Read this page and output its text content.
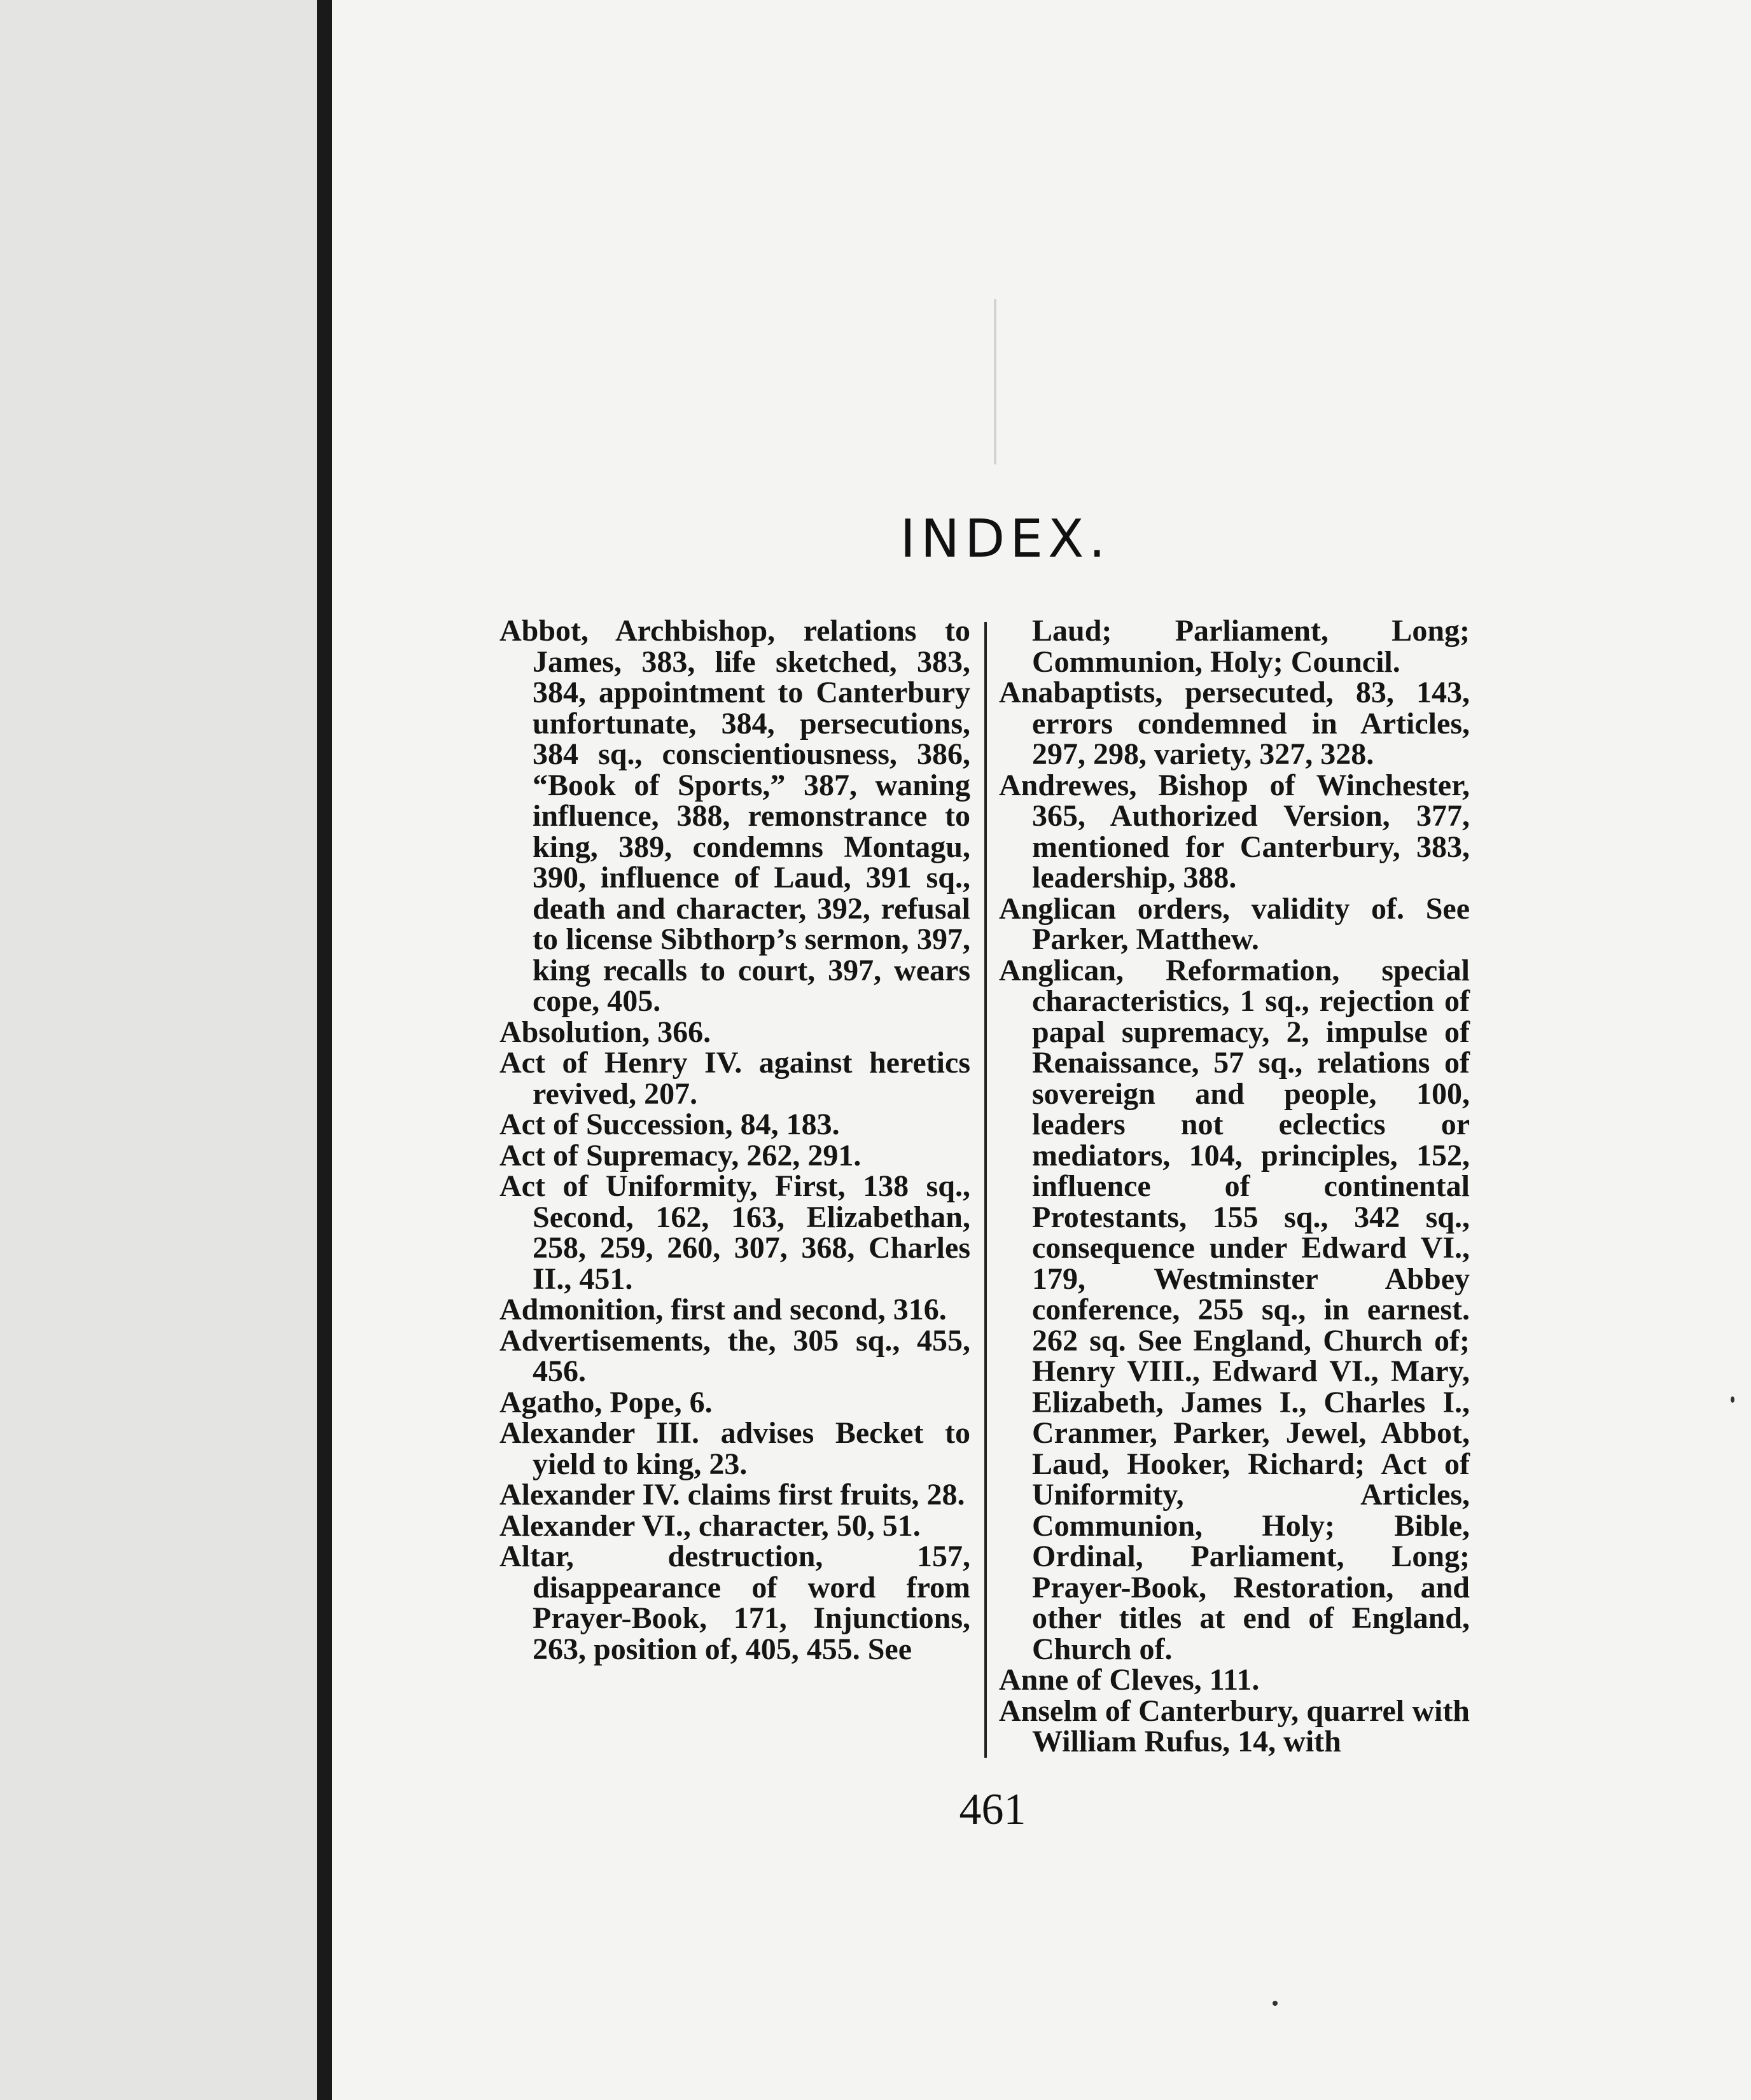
INDEX.

Abbot, Archbishop, relations to James, 383, life sketched, 383, 384, appointment to Canterbury unfortunate, 384, persecutions, 384 sq., conscientiousness, 386, “Book of Sports,” 387, waning influence, 388, remonstrance to king, 389, condemns Montagu, 390, influence of Laud, 391 sq., death and character, 392, refusal to license Sibthorp’s sermon, 397, king recalls to court, 397, wears cope, 405.

Absolution, 366.

Act of Henry IV. against heretics revived, 207.

Act of Succession, 84, 183.

Act of Supremacy, 262, 291.

Act of Uniformity, First, 138 sq., Second, 162, 163, Elizabethan, 258, 259, 260, 307, 368, Charles II., 451.

Admonition, first and second, 316.

Advertisements, the, 305 sq., 455, 456.

Agatho, Pope, 6.

Alexander III. advises Becket to yield to king, 23.

Alexander IV. claims first fruits, 28.

Alexander VI., character, 50, 51.

Altar, destruction, 157, disappearance of word from Prayer-Book, 171, Injunctions, 263, position of, 405, 455. See

Laud; Parliament, Long; Communion, Holy; Council.

Anabaptists, persecuted, 83, 143, errors condemned in Articles, 297, 298, variety, 327, 328.

Andrewes, Bishop of Winchester, 365, Authorized Version, 377, mentioned for Canterbury, 383, leadership, 388.

Anglican orders, validity of. See Parker, Matthew.

Anglican, Reformation, special characteristics, 1 sq., rejection of papal supremacy, 2, impulse of Renaissance, 57 sq., relations of sovereign and people, 100, leaders not eclectics or mediators, 104, principles, 152, influence of continental Protestants, 155 sq., 342 sq., consequence under Edward VI., 179, Westminster Abbey conference, 255 sq., in earnest. 262 sq. See England, Church of; Henry VIII., Edward VI., Mary, Elizabeth, James I., Charles I., Cranmer, Parker, Jewel, Abbot, Laud, Hooker, Richard; Act of Uniformity, Articles, Communion, Holy; Bible, Ordinal, Parliament, Long; Prayer-Book, Restoration, and other titles at end of England, Church of.

Anne of Cleves, 111.

Anselm of Canterbury, quarrel with William Rufus, 14, with

461
